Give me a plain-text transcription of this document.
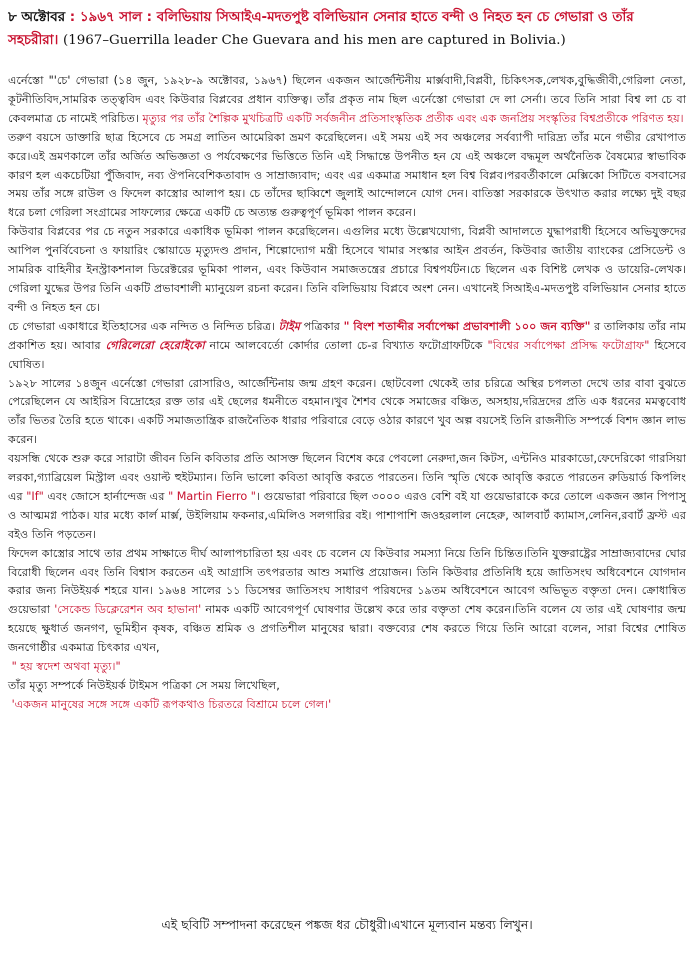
৮ অক্টোবর : ১৯৬৭ সাল : বলিভিয়ায় সিআইএ-মদতপুষ্ট বলিভিয়ান সেনার হাতে বন্দী ও নিহত হন চে গেভারা ও তাঁর সহচরীরা। (1967–Guerrilla leader Che Guevara and his men are captured in Bolivia.)

এর্নেস্তো "'চে' গেভারা (১৪ জুন, ১৯২৮-৯ অক্টোবর, ১৯৬৭) ছিলেন একজন আর্জেন্টিনীয় মার্ক্সবাদী,বিপ্লবী, চিকিৎসক,লেখক,বুদ্ধিজীবী,গেরিলা নেতা, কূটনীতিবিদ,সামরিক তত্ত্ববিদ এবং কিউবার বিপ্লবের প্রধান ব্যক্তিত্ব। তাঁর প্রকৃত নাম ছিল এর্নেস্তো গেভারা দে লা সের্না। তবে তিনি সারা বিশ্ব লা চে বা কেবলমাত্র চে নামেই পরিচিত। মৃত্যুর পর তাঁর শৈল্পিক মুখচিত্রটি একটি সর্বজনীন প্রতিসাংস্কৃতিক প্রতীক এবং এক জনপ্রিয় সংস্কৃতির বিশ্বপ্রতীকে পরিণত হয়।

তরুণ বয়সে ডাক্তারি ছাত্র হিসেবে চে সমগ্র লাতিন আমেরিকা ভ্রমণ করেছিলেন। এই সময় এই সব অঞ্চলের সর্বব্যাপী দারিদ্র্য তাঁর মনে গভীর রেখাপাত করে।এই ভ্রমণকালে তাঁর অর্জিত অভিজ্ঞতা ও পর্যবেক্ষণের ভিত্তিতে তিনি এই সিদ্ধান্তে উপনীত হন যে এই অঞ্চলে বদ্ধমূল অর্থনৈতিক বৈষম্যের স্বাভাবিক কারণ হল একচেটিয়া পুঁজিবাদ, নব্য ঔপনিবেশিকতাবাদ ও সাম্রাজ্যবাদ; এবং এর একমাত্র সমাধান হল বিশ্ব বিপ্লব।পরবর্তীকালে মেক্সিকো সিটিতে বসবাসের সময় তাঁর সঙ্গে রাউল ও ফিদেল কাস্ত্রোর আলাপ হয়। চে তাঁদের ছাব্বিশে জুলাই আন্দোলনে যোগ দেন। বাতিস্তা সরকারকে উৎখাত করার লক্ষ্যে দুই বছর ধরে চলা গেরিলা সংগ্রামের সাফল্যের ক্ষেত্রে একটি চে অত্যন্ত গুরুত্বপূর্ণ ভূমিকা পালন করেন।

কিউবার বিপ্লবের পর চে নতুন সরকারে একাধিক ভূমিকা পালন করেছিলেন। এগুলির মধ্যে উল্লেখযোগ্য, বিপ্লবী আদালতে যুদ্ধাপরাধী হিসেবে অভিযুক্তদের আপিল পুনর্বিবেচনা ও ফায়ারিং স্কোয়াডে মৃত্যুদণ্ড প্রদান, শিল্পোদ্যোগ মন্ত্রী হিসেবে খামার সংস্কার আইন প্রবর্তন, কিউবার জাতীয় ব্যাংকের প্রেসিডেন্ট ও সামরিক বাহিনীর ইনস্ট্রাকশনাল ডিরেক্টরের ভূমিকা পালন, এবং কিউবান সমাজতন্ত্রের প্রচারে বিশ্বপর্যটন।চে ছিলেন এক বিশিষ্ট লেখক ও ডায়েরি-লেখক।গেরিলা যুদ্ধের উপর তিনি একটি প্রভাবশালী ম্যানুয়েল রচনা করেন। তিনি বলিভিয়ায় বিপ্লবে অংশ নেন। এখানেই সিআইএ-মদতপুষ্ট বলিভিয়ান সেনার হাতে বন্দী ও নিহত হন চে।

চে গেভারা একাধারে ইতিহাসের এক নন্দিত ও নিন্দিত চরিত্র। টাইম পত্রিকার " বিংশ শতাব্দীর সর্বাপেক্ষা প্রভাবশালী ১০০ জন ব্যক্তি" র তালিকায় তাঁর নাম প্রকাশিত হয়। আবার গেরিলেরো হেরোইকো নামে আলবের্তো কোর্দার তোলা চে-র বিখ্যাত ফটোগ্রাফটিকে "বিশ্বের সর্বাপেক্ষা প্রসিদ্ধ ফটোগ্রাফ" হিসেবে ঘোষিত।

১৯২৮ সালের ১৪জুন এর্নেস্তো গেভারা রোসারিও, আর্জেন্টিনায় জন্ম গ্রহণ করেন। ছোটবেলা থেকেই তার চরিত্রে অস্থির চপলতা দেখে তার বাবা বুঝতে পেরেছিলেন যে আইরিস বিদ্রোহের রক্ত তার এই ছেলের ধমনীতে বহমান।খুব শৈশব থেকে সমাজের বঞ্চিত, অসহায়,দরিদ্রদের প্রতি এক ধরনের মমত্ববোধ তাঁর ভিতর তৈরি হতে থাকে। একটি সমাজতান্ত্রিক রাজনৈতিক ধারার পরিবারে বেড়ে ওঠার কারণে খুব অল্প বয়সেই তিনি রাজনীতি সম্পর্কে বিশদ জ্ঞান লাভ করেন।

বয়সন্ধি থেকে শুরু করে সারাটা জীবন তিনি কবিতার প্রতি আসক্ত ছিলেন বিশেষ করে পেবলো নেরুদা,জন কিটস, এন্টনিও মারকাডো,ফেদেরিকো গারসিয়া লরকা,গ্যাব্রিয়েল মিস্ট্রাল এবং ওয়াল্ট হুইটম্যান। তিনি ভালো কবিতা আবৃত্তি করতে পারতেন। তিনি স্মৃতি থেকে আবৃত্তি করতে পারতেন রুডিয়ার্ড কিপলিং এর "If" এবং জোসে হার্নান্দেজ এর " Martin Fierro "। গুয়েভারা পরিবারে ছিল ৩০০০ এরও বেশি বই যা গুয়েভারাকে করে তোলে একজন জ্ঞান পিপাসু ও আত্মমগ্ন পাঠক। যার মধ্যে কার্ল মার্ক্স, উইলিয়াম ফকনার,এমিলিও সলগারির বই। পাশাপাশি জওহরলাল নেহেরু, আলবার্ট ক্যামাস,লেনিন,রবার্ট ফ্রস্ট এর বইও তিনি পড়তেন।

ফিদেল কাস্ত্রোর সাথে তার প্রথম সাক্ষাতে দীর্ঘ আলাপচারিতা হয় এবং চে বলেন যে কিউবার সমস্যা নিয়ে তিনি চিন্তিত।তিনি যুক্তরাষ্ট্রের সাম্রাজ্যবাদের ঘোর বিরোধী ছিলেন এবং তিনি বিশ্বাস করতেন এই আগ্রাসি তৎপরতার আশু সমাপ্তি প্রয়োজন। তিনি কিউবার প্রতিনিধি হয়ে জাতিসংঘ অধিবেশনে যোগদান করার জন্য নিউইয়র্ক শহরে যান। ১৯৬৪ সালের ১১ ডিসেম্বর জাতিসংঘ সাধারণ পরিষদের ১৯তম অধিবেশনে আবেগ অভিভূত বক্তৃতা দেন। ক্রোধান্বিত গুয়েভারা 'সেকেন্ড ডিক্লেরেশন অব হাভানা' নামক একটি আবেগপূর্ণ ঘোষণার উল্লেখ করে তার বক্তৃতা শেষ করেন।তিনি বলেন যে তার এই ঘোষণার জন্ম হয়েছে ক্ষুধার্ত জনগণ, ভূমিহীন কৃষক, বঞ্চিত শ্রমিক ও প্রগতিশীল মানুষের দ্বারা। বক্তব্যের শেষ করতে গিয়ে তিনি আরো বলেন, সারা বিশ্বের শোষিত জনগোষ্ঠীর একমাত্র চিৎকার এখন,

" হয় স্বদেশ অথবা মৃত্যু।"

তাঁর মৃত্যু সম্পর্কে নিউইয়র্ক টাইমস পত্রিকা সে সময় লিখেছিল,

'একজন মানুষের সঙ্গে সঙ্গে একটি রূপকথাও চিরতরে বিশ্রামে চলে গেল।'

এই ছবিটি সম্পাদনা করেছেন পঙ্কজ ধর চৌধুরী।এখানে মূল্যবান মন্তব্য লিখুন।
